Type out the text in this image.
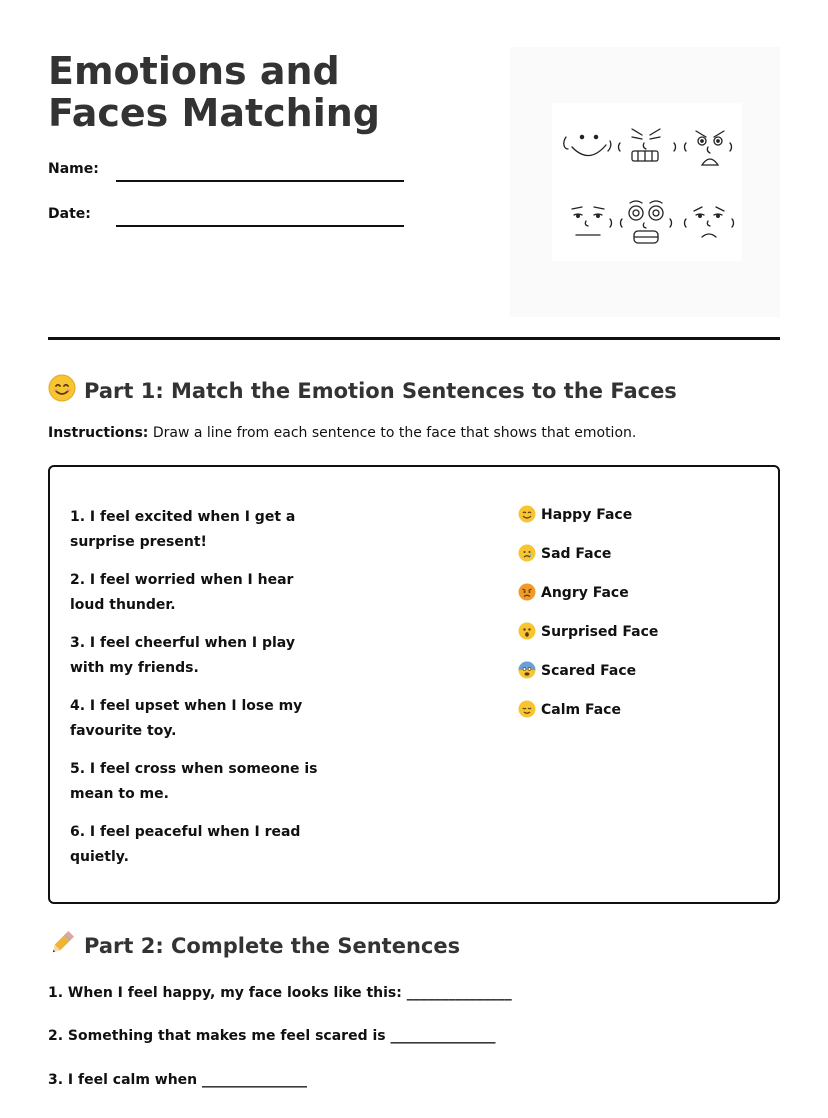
Emotions and Faces Matching
Name:
Date:
Part 1: Match the Emotion Sentences to the Faces
Instructions: Draw a line from each sentence to the face that shows that emotion.
1. I feel excited when I get a surprise present!
2. I feel worried when I hear loud thunder.
3. I feel cheerful when I play with my friends.
4. I feel upset when I lose my favourite toy.
5. I feel cross when someone is mean to me.
6. I feel peaceful when I read quietly.
Happy Face
Sad Face
Angry Face
Surprised Face
Scared Face
Calm Face
Part 2: Complete the Sentences
1. When I feel happy, my face looks like this: _______________
2. Something that makes me feel scared is _______________
3. I feel calm when _______________
